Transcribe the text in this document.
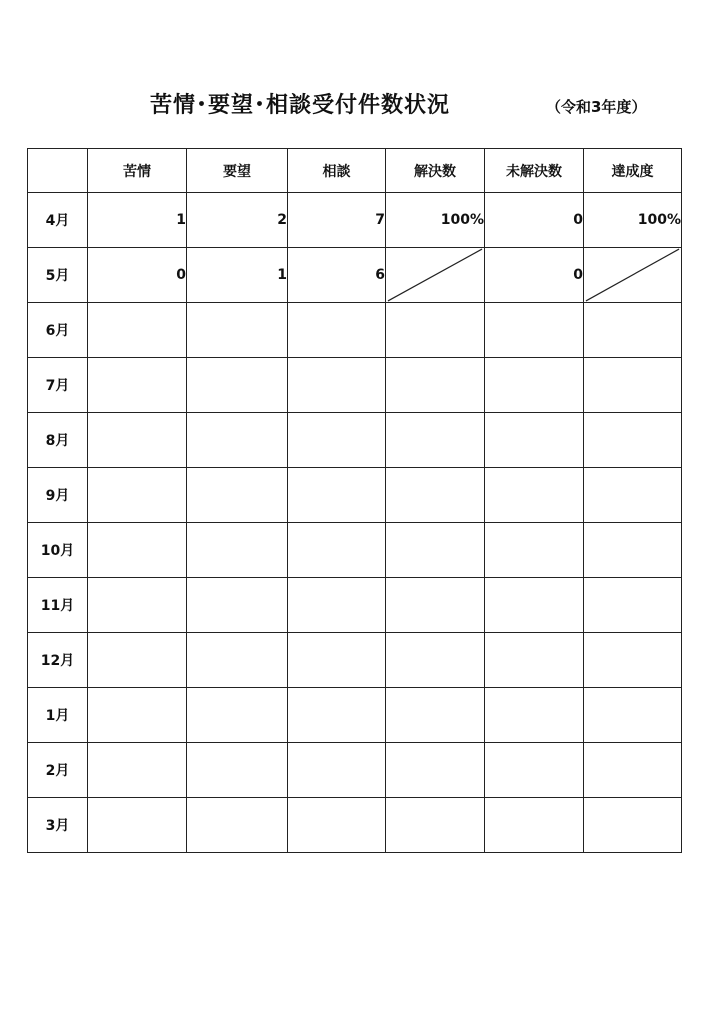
苦情･要望･相談受付件数状況	（令和3年度）
	苦情	要望	相談	解決数	未解決数	達成度
4月	1	2	7	100%	0	100%
5月	0	1	6		0	

6月						
7月						
8月						
9月						
10月						
11月						
12月						
1月						
2月						
3月						
